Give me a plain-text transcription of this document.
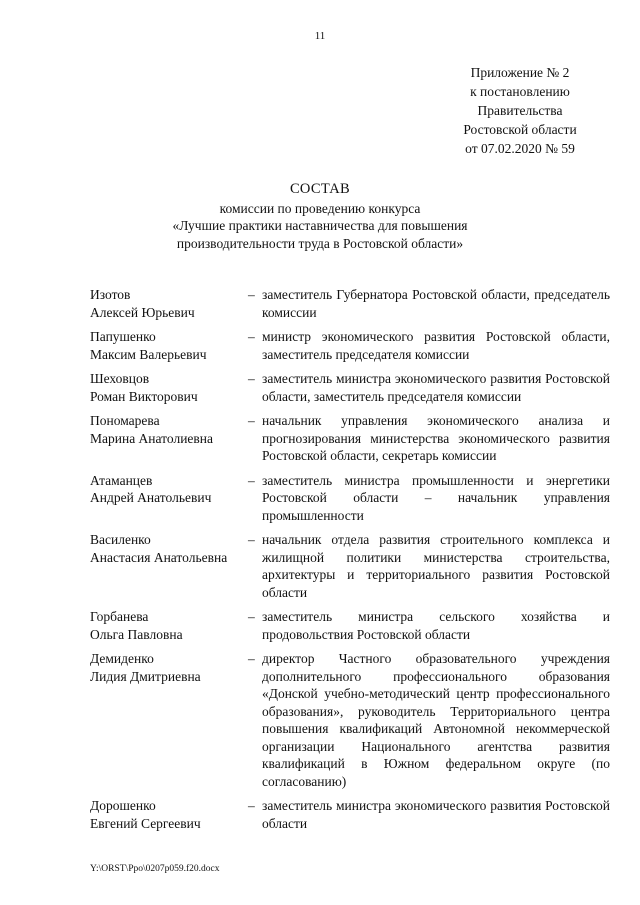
11
Приложение № 2
к постановлению
Правительства
Ростовской области
от 07.02.2020 № 59
СОСТАВ
комиссии по проведению конкурса
«Лучшие практики наставничества для повышения
производительности труда в Ростовской области»
Изотов
Алексей Юрьевич
– заместитель Губернатора Ростовской области, председатель комиссии
Папушенко
Максим Валерьевич
– министр экономического развития Ростовской области, заместитель председателя комиссии
Шеховцов
Роман Викторович
– заместитель министра экономического развития Ростовской области, заместитель председателя комиссии
Пономарева
Марина Анатолиевна
– начальник управления экономического анализа и прогнозирования министерства экономического развития Ростовской области, секретарь комиссии
Атаманцев
Андрей Анатольевич
– заместитель министра промышленности и энергетики Ростовской области – начальник управления промышленности
Василенко
Анастасия Анатольевна
– начальник отдела развития строительного комплекса и жилищной политики министерства строительства, архитектуры и территориального развития Ростовской области
Горбанева
Ольга Павловна
– заместитель министра сельского хозяйства и продовольствия Ростовской области
Демиденко
Лидия Дмитриевна
– директор Частного образовательного учреждения дополнительного профессионального образования «Донской учебно-методический центр профессионального образования», руководитель Территориального центра повышения квалификаций Автономной некоммерческой организации Национального агентства развития квалификаций в Южном федеральном округе (по согласованию)
Дорошенко
Евгений Сергеевич
– заместитель министра экономического развития Ростовской области
Y:\ORST\Ppo\0207p059.f20.docx
